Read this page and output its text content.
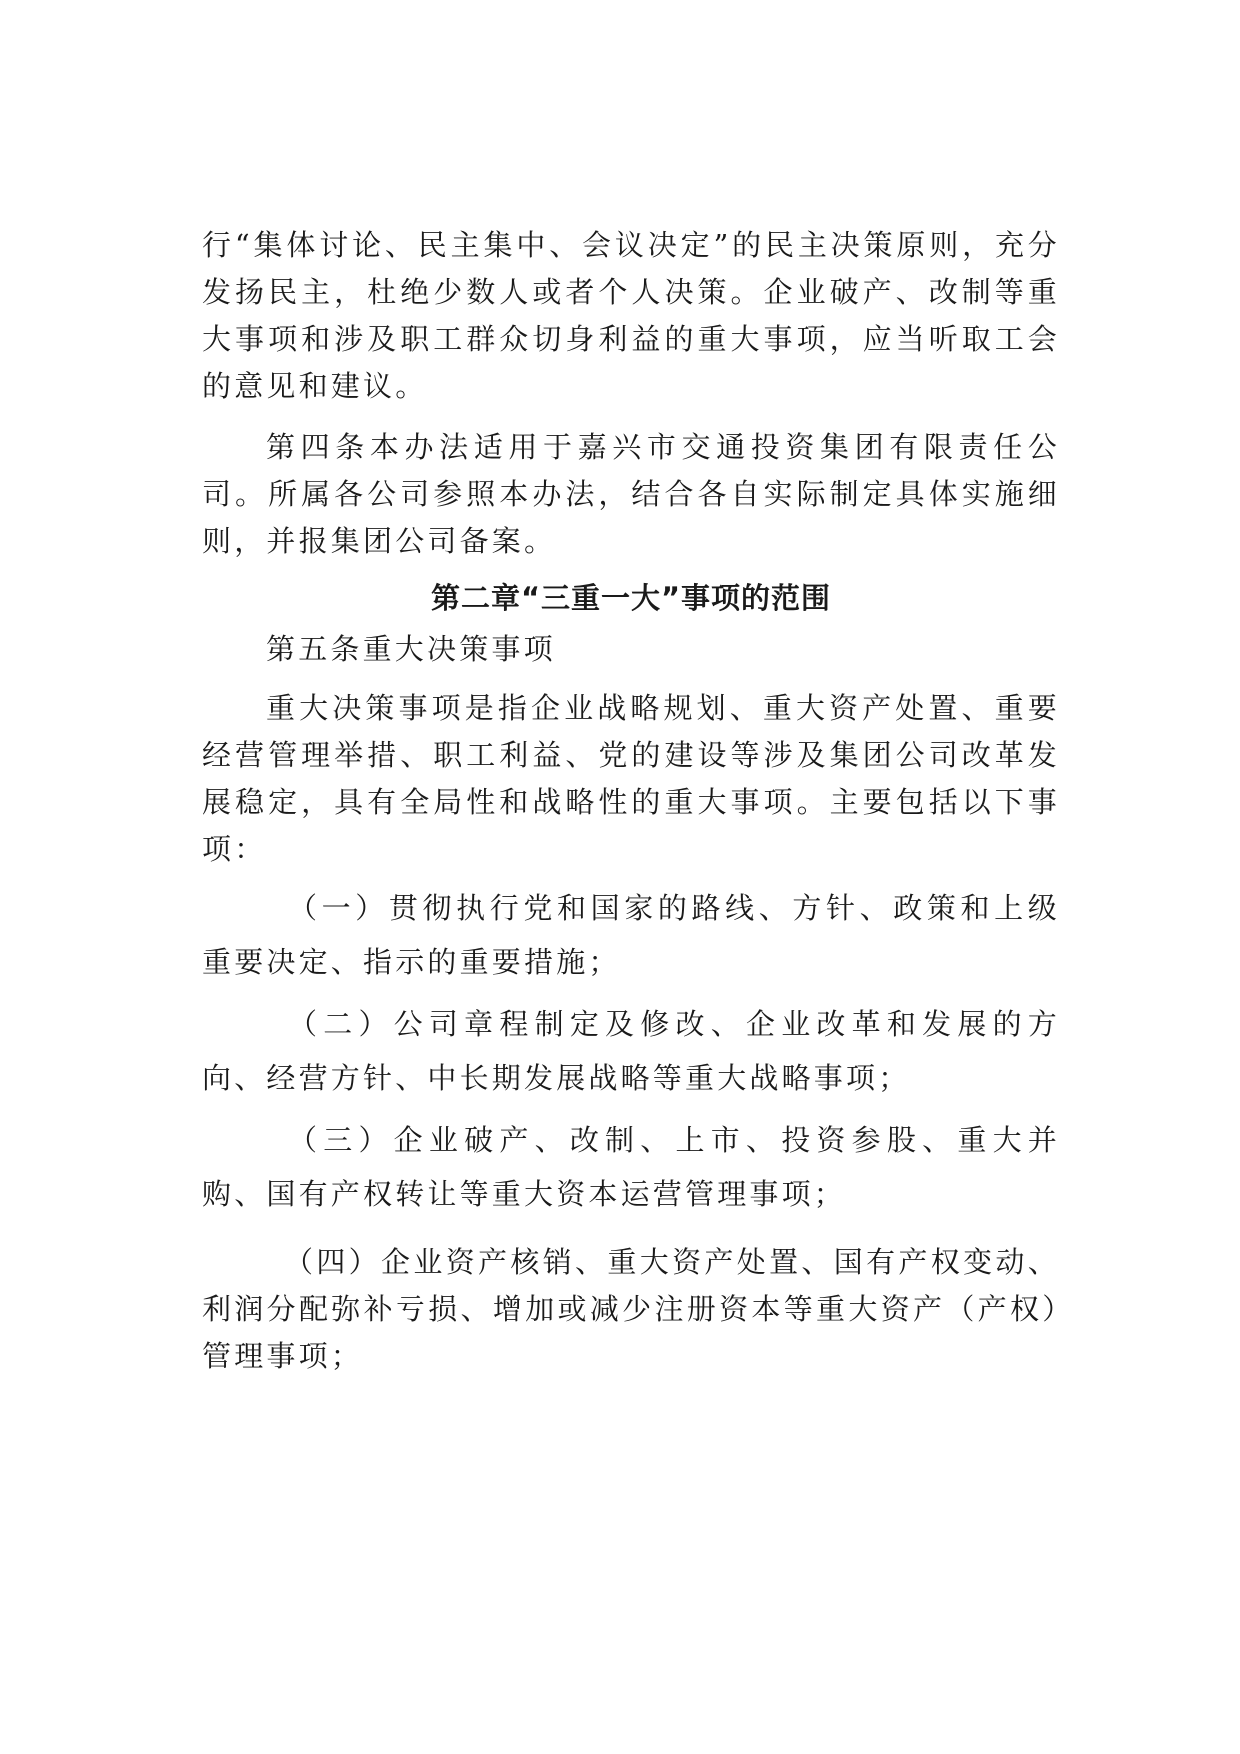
行“集体讨论、民主集中、会议决定”的民主决策原则，充分发扬民主，杜绝少数人或者个人决策。企业破产、改制等重大事项和涉及职工群众切身利益的重大事项，应当听取工会的意见和建议。

第四条本办法适用于嘉兴市交通投资集团有限责任公司。所属各公司参照本办法，结合各自实际制定具体实施细则，并报集团公司备案。

第二章“三重一大”事项的范围

第五条重大决策事项

重大决策事项是指企业战略规划、重大资产处置、重要经营管理举措、职工利益、党的建设等涉及集团公司改革发展稳定，具有全局性和战略性的重大事项。主要包括以下事项：

（一）贯彻执行党和国家的路线、方针、政策和上级重要决定、指示的重要措施；

（二）公司章程制定及修改、企业改革和发展的方向、经营方针、中长期发展战略等重大战略事项；

（三）企业破产、改制、上市、投资参股、重大并购、国有产权转让等重大资本运营管理事项；

（四）企业资产核销、重大资产处置、国有产权变动、利润分配弥补亏损、增加或减少注册资本等重大资产（产权）管理事项；
